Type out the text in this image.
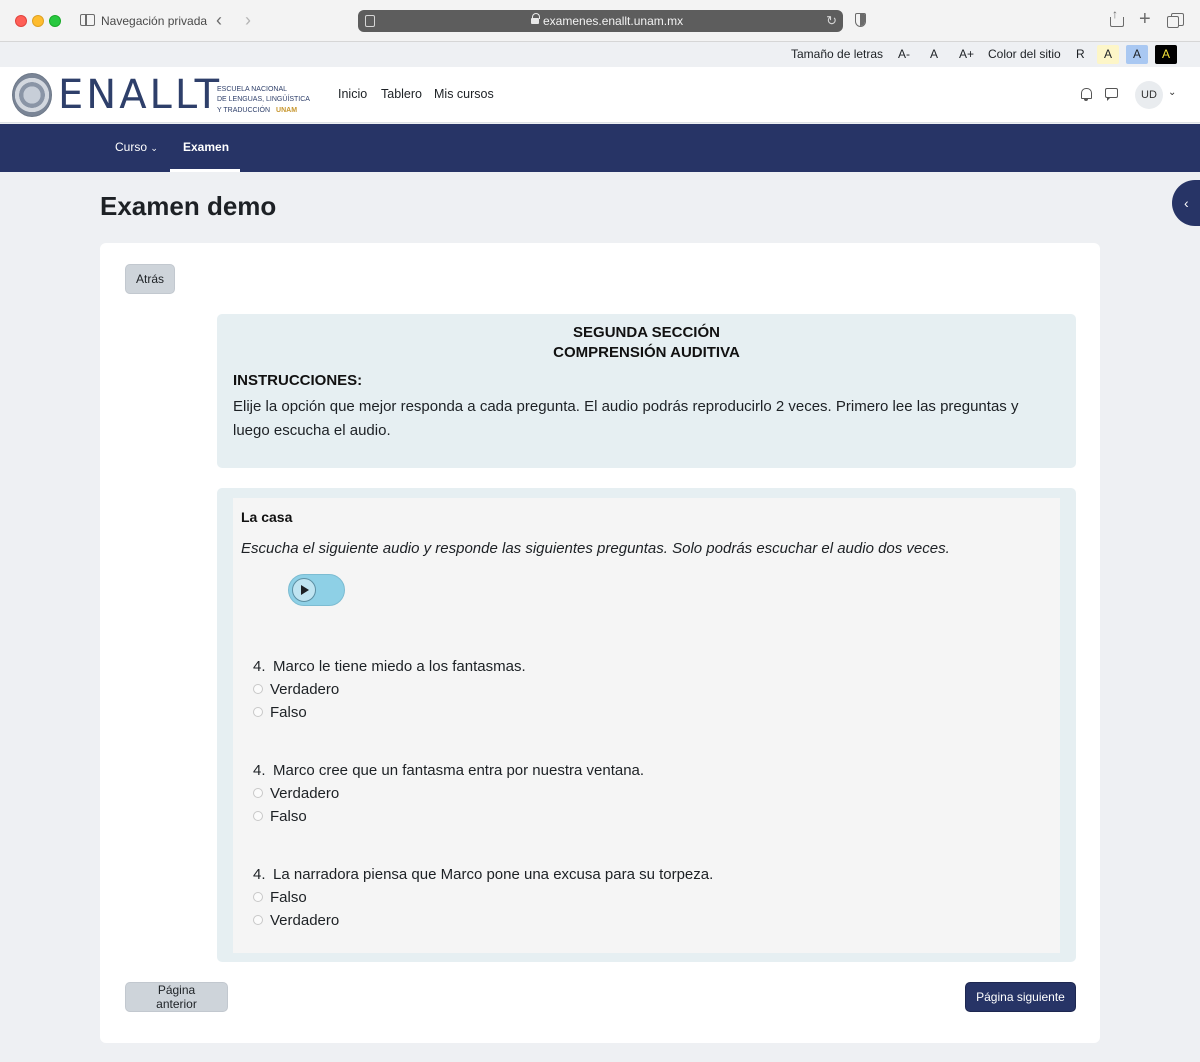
Navegación privada ‹ ›	examenes.enallt.unam.mx	↻
↑	+
Tamaño de letras A- A A+ Color del sitio R	A	A	A
ENALLT
ESCUELA NACIONAL
DE LENGUAS, LINGÜÍSTICA
Y TRADUCCIÓN UNAM
Inicio Tablero Mis cursos	UD	⌄
Curso ⌄ Examen
‹
Examen demo
Atrás
SEGUNDA SECCIÓN
COMPRENSIÓN AUDITIVA
INSTRUCCIONES:
Elije la opción que mejor responda a cada pregunta. El audio podrás reproducirlo 2 veces. Primero lee las preguntas y luego escucha el audio.
La casa
Escucha el siguiente audio y responde las siguientes preguntas. Solo podrás escuchar el audio dos veces.
4. Marco le tiene miedo a los fantasmas.
Verdadero
Falso
4. Marco cree que un fantasma entra por nuestra ventana.
Verdadero
Falso
4. La narradora piensa que Marco pone una excusa para su torpeza.
Falso
Verdadero
Página anterior	Página siguiente
